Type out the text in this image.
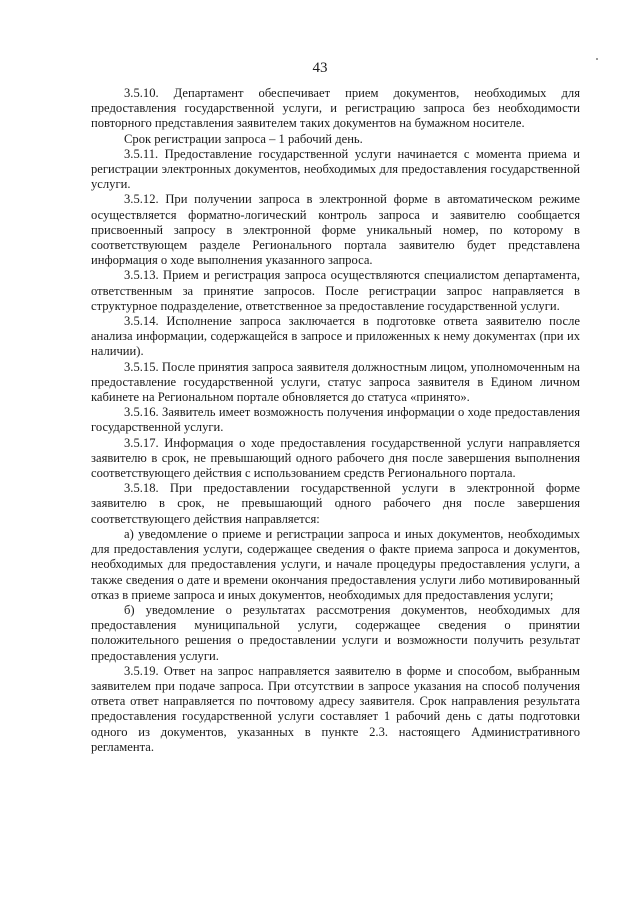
43

3.5.10. Департамент обеспечивает прием документов, необходимых для предоставления государственной услуги, и регистрацию запроса без необходимости повторного представления заявителем таких документов на бумажном носителе.

Срок регистрации запроса – 1 рабочий день.

3.5.11. Предоставление государственной услуги начинается с момента приема и регистрации электронных документов, необходимых для предоставления государственной услуги.

3.5.12. При получении запроса в электронной форме в автоматическом режиме осуществляется форматно-логический контроль запроса и заявителю сообщается присвоенный запросу в электронной форме уникальный номер, по которому в соответствующем разделе Регионального портала заявителю будет представлена информация о ходе выполнения указанного запроса.

3.5.13. Прием и регистрация запроса осуществляются специалистом департамента, ответственным за принятие запросов. После регистрации запрос направляется в структурное подразделение, ответственное за предоставление государственной услуги.

3.5.14. Исполнение запроса заключается в подготовке ответа заявителю после анализа информации, содержащейся в запросе и приложенных к нему документах (при их наличии).

3.5.15. После принятия запроса заявителя должностным лицом, уполномоченным на предоставление государственной услуги, статус запроса заявителя в Едином личном кабинете на Региональном портале обновляется до статуса «принято».

3.5.16. Заявитель имеет возможность получения информации о ходе предоставления государственной услуги.

3.5.17. Информация о ходе предоставления государственной услуги направляется заявителю в срок, не превышающий одного рабочего дня после завершения выполнения соответствующего действия с использованием средств Регионального портала.

3.5.18. При предоставлении государственной услуги в электронной форме заявителю в срок, не превышающий одного рабочего дня после завершения соответствующего действия направляется:

а) уведомление о приеме и регистрации запроса и иных документов, необходимых для предоставления услуги, содержащее сведения о факте приема запроса и документов, необходимых для предоставления услуги, и начале процедуры предоставления услуги, а также сведения о дате и времени окончания предоставления услуги либо мотивированный отказ в приеме запроса и иных документов, необходимых для предоставления услуги;

б) уведомление о результатах рассмотрения документов, необходимых для предоставления муниципальной услуги, содержащее сведения о принятии положительного решения о предоставлении услуги и возможности получить результат предоставления услуги.

3.5.19. Ответ на запрос направляется заявителю в форме и способом, выбранным заявителем при подаче запроса. При отсутствии в запросе указания на способ получения ответа ответ направляется по почтовому адресу заявителя. Срок направления результата предоставления государственной услуги составляет 1 рабочий день с даты подготовки одного из документов, указанных в пункте 2.3. настоящего Административного регламента.
